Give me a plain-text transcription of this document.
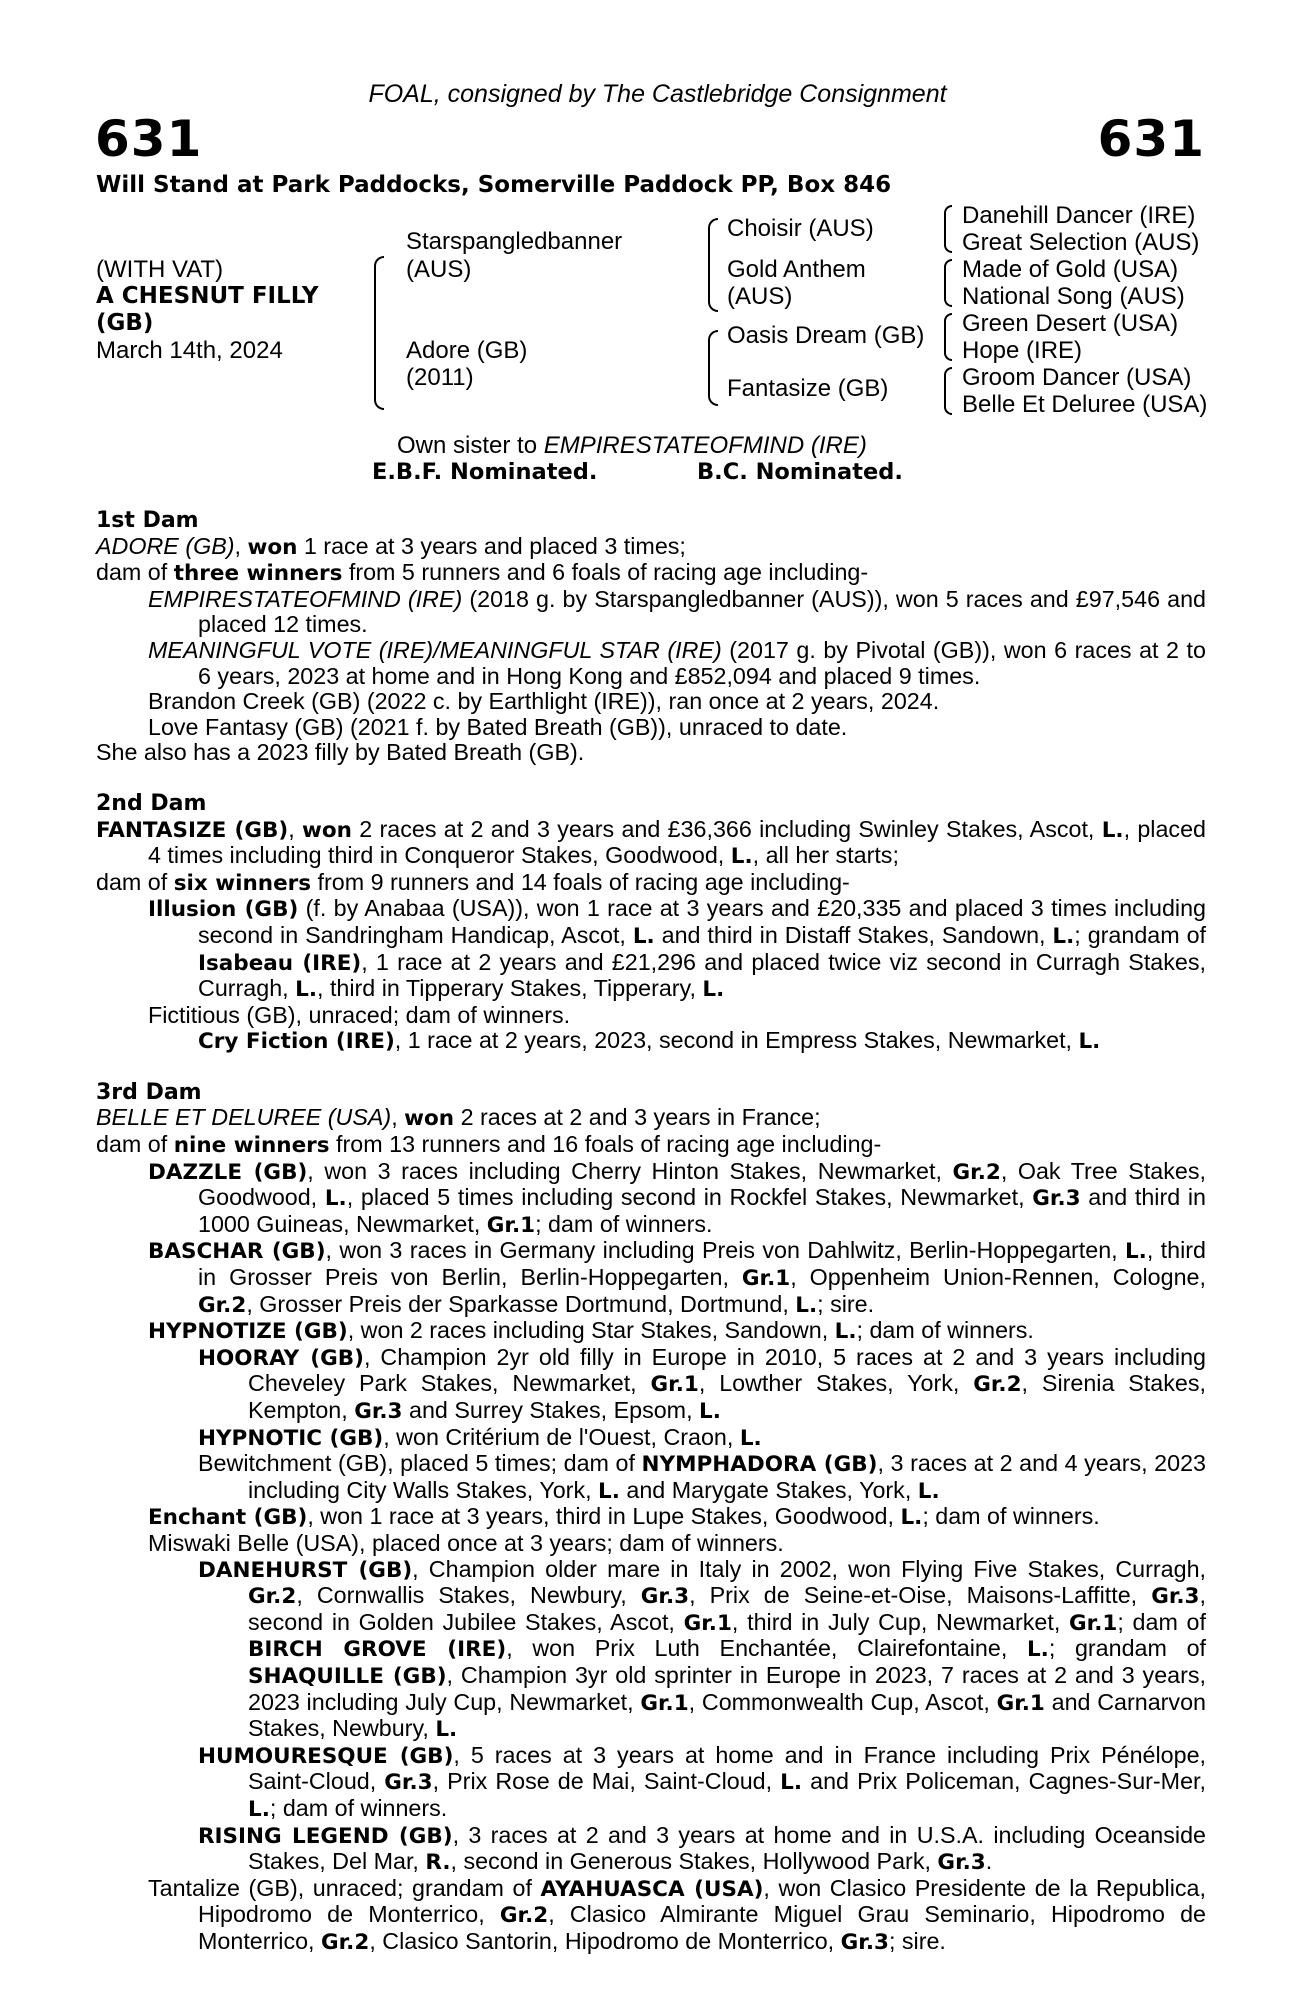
FOAL, consigned by The Castlebridge Consignment
631	631
Will Stand at Park Paddocks, Somerville Paddock PP, Box 846
(WITH VAT)
A CHESNUT FILLY
(GB)
March 14th, 2024
Starspangledbanner
(AUS)
Adore (GB)
(2011)
Choisir (AUS)
Gold Anthem
(AUS)
Oasis Dream (GB)
Fantasize (GB)
Danehill Dancer (IRE)
Great Selection (AUS)
Made of Gold (USA)
National Song (AUS)
Green Desert (USA)
Hope (IRE)
Groom Dancer (USA)
Belle Et Deluree (USA)
Own sister to EMPIRESTATEOFMIND (IRE)
E.B.F. Nominated.	B.C. Nominated.

1st Dam

ADORE (GB), won 1 race at 3 years and placed 3 times;

dam of three winners from 5 runners and 6 foals of racing age including-

EMPIRESTATEOFMIND (IRE) (2018 g. by Starspangledbanner (AUS)), won 5 races and £97,546 and placed 12 times.

MEANINGFUL VOTE (IRE)/MEANINGFUL STAR (IRE) (2017 g. by Pivotal (GB)), won 6 races at 2 to 6 years, 2023 at home and in Hong Kong and £852,094 and placed 9 times.

Brandon Creek (GB) (2022 c. by Earthlight (IRE)), ran once at 2 years, 2024.

Love Fantasy (GB) (2021 f. by Bated Breath (GB)), unraced to date.

She also has a 2023 filly by Bated Breath (GB).

2nd Dam

FANTASIZE (GB), won 2 races at 2 and 3 years and £36,366 including Swinley Stakes, Ascot, L., placed 4 times including third in Conqueror Stakes, Goodwood, L., all her starts;

dam of six winners from 9 runners and 14 foals of racing age including-

Illusion (GB) (f. by Anabaa (USA)), won 1 race at 3 years and £20,335 and placed 3 times including second in Sandringham Handicap, Ascot, L. and third in Distaff Stakes, Sandown, L.; grandam of Isabeau (IRE), 1 race at 2 years and £21,296 and placed twice viz second in Curragh Stakes, Curragh, L., third in Tipperary Stakes, Tipperary, L.

Fictitious (GB), unraced; dam of winners.

Cry Fiction (IRE), 1 race at 2 years, 2023, second in Empress Stakes, Newmarket, L.

3rd Dam

BELLE ET DELUREE (USA), won 2 races at 2 and 3 years in France;

dam of nine winners from 13 runners and 16 foals of racing age including-

DAZZLE (GB), won 3 races including Cherry Hinton Stakes, Newmarket, Gr.2, Oak Tree Stakes, Goodwood, L., placed 5 times including second in Rockfel Stakes, Newmarket, Gr.3 and third in 1000 Guineas, Newmarket, Gr.1; dam of winners.

BASCHAR (GB), won 3 races in Germany including Preis von Dahlwitz, Berlin-Hoppegarten, L., third in Grosser Preis von Berlin, Berlin-Hoppegarten, Gr.1, Oppenheim Union-Rennen, Cologne, Gr.2, Grosser Preis der Sparkasse Dortmund, Dortmund, L.; sire.

HYPNOTIZE (GB), won 2 races including Star Stakes, Sandown, L.; dam of winners.

HOORAY (GB), Champion 2yr old filly in Europe in 2010, 5 races at 2 and 3 years including Cheveley Park Stakes, Newmarket, Gr.1, Lowther Stakes, York, Gr.2, Sirenia Stakes, Kempton, Gr.3 and Surrey Stakes, Epsom, L.

HYPNOTIC (GB), won Critérium de l'Ouest, Craon, L.

Bewitchment (GB), placed 5 times; dam of NYMPHADORA (GB), 3 races at 2 and 4 years, 2023 including City Walls Stakes, York, L. and Marygate Stakes, York, L.

Enchant (GB), won 1 race at 3 years, third in Lupe Stakes, Goodwood, L.; dam of winners.

Miswaki Belle (USA), placed once at 3 years; dam of winners.

DANEHURST (GB), Champion older mare in Italy in 2002, won Flying Five Stakes, Curragh, Gr.2, Cornwallis Stakes, Newbury, Gr.3, Prix de Seine-et-Oise, Maisons-Laffitte, Gr.3, second in Golden Jubilee Stakes, Ascot, Gr.1, third in July Cup, Newmarket, Gr.1; dam of BIRCH GROVE (IRE), won Prix Luth Enchantée, Clairefontaine, L.; grandam of SHAQUILLE (GB), Champion 3yr old sprinter in Europe in 2023, 7 races at 2 and 3 years, 2023 including July Cup, Newmarket, Gr.1, Commonwealth Cup, Ascot, Gr.1 and Carnarvon Stakes, Newbury, L.

HUMOURESQUE (GB), 5 races at 3 years at home and in France including Prix Pénélope, Saint-Cloud, Gr.3, Prix Rose de Mai, Saint-Cloud, L. and Prix Policeman, Cagnes-Sur-Mer, L.; dam of winners.

RISING LEGEND (GB), 3 races at 2 and 3 years at home and in U.S.A. including Oceanside Stakes, Del Mar, R., second in Generous Stakes, Hollywood Park, Gr.3.

Tantalize (GB), unraced; grandam of AYAHUASCA (USA), won Clasico Presidente de la Republica, Hipodromo de Monterrico, Gr.2, Clasico Almirante Miguel Grau Seminario, Hipodromo de Monterrico, Gr.2, Clasico Santorin, Hipodromo de Monterrico, Gr.3; sire.
